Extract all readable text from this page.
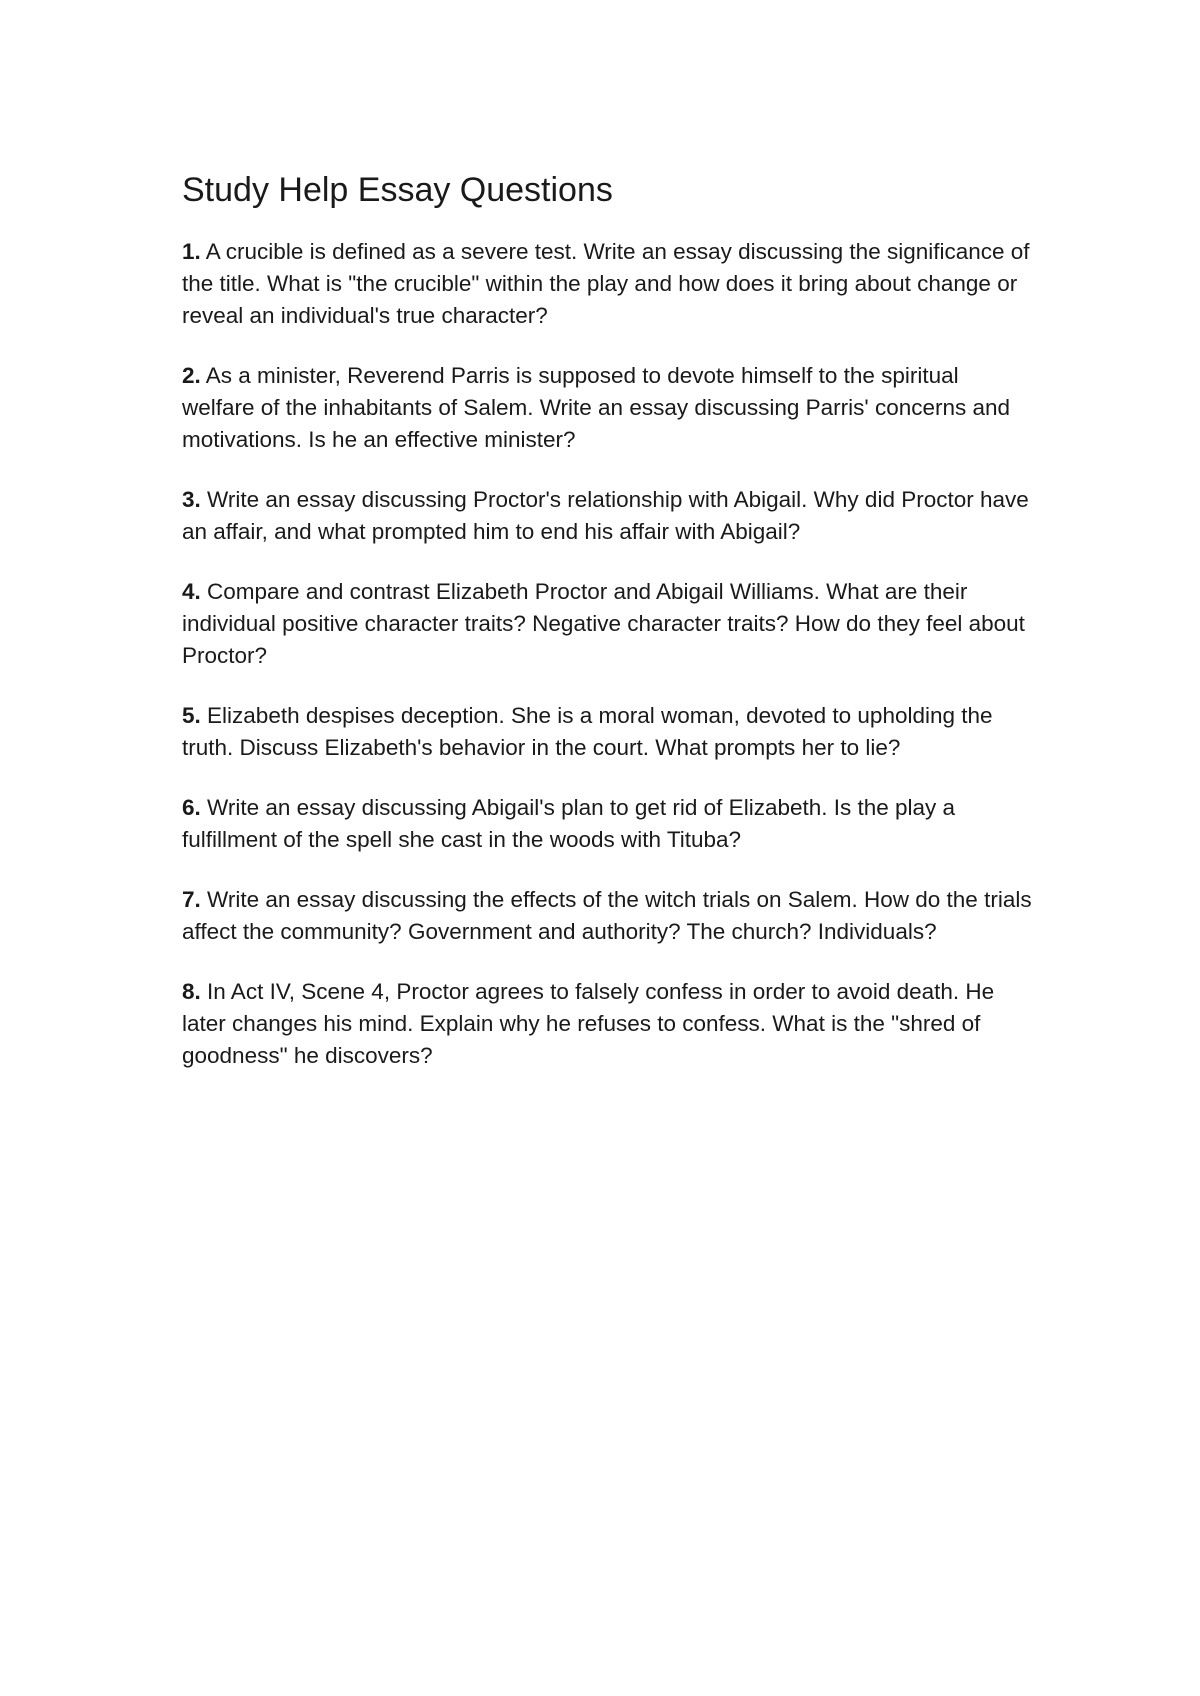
Study Help Essay Questions

1. A crucible is defined as a severe test. Write an essay discussing the significance of the title. What is "the crucible" within the play and how does it bring about change or reveal an individual's true character?

2. As a minister, Reverend Parris is supposed to devote himself to the spiritual welfare of the inhabitants of Salem. Write an essay discussing Parris' concerns and motivations. Is he an effective minister?

3. Write an essay discussing Proctor's relationship with Abigail. Why did Proctor have an affair, and what prompted him to end his affair with Abigail?

4. Compare and contrast Elizabeth Proctor and Abigail Williams. What are their individual positive character traits? Negative character traits? How do they feel about Proctor?

5. Elizabeth despises deception. She is a moral woman, devoted to upholding the truth. Discuss Elizabeth's behavior in the court. What prompts her to lie?

6. Write an essay discussing Abigail's plan to get rid of Elizabeth. Is the play a fulfillment of the spell she cast in the woods with Tituba?

7. Write an essay discussing the effects of the witch trials on Salem. How do the trials affect the community? Government and authority? The church? Individuals?

8. In Act IV, Scene 4, Proctor agrees to falsely confess in order to avoid death. He later changes his mind. Explain why he refuses to confess. What is the "shred of goodness" he discovers?
